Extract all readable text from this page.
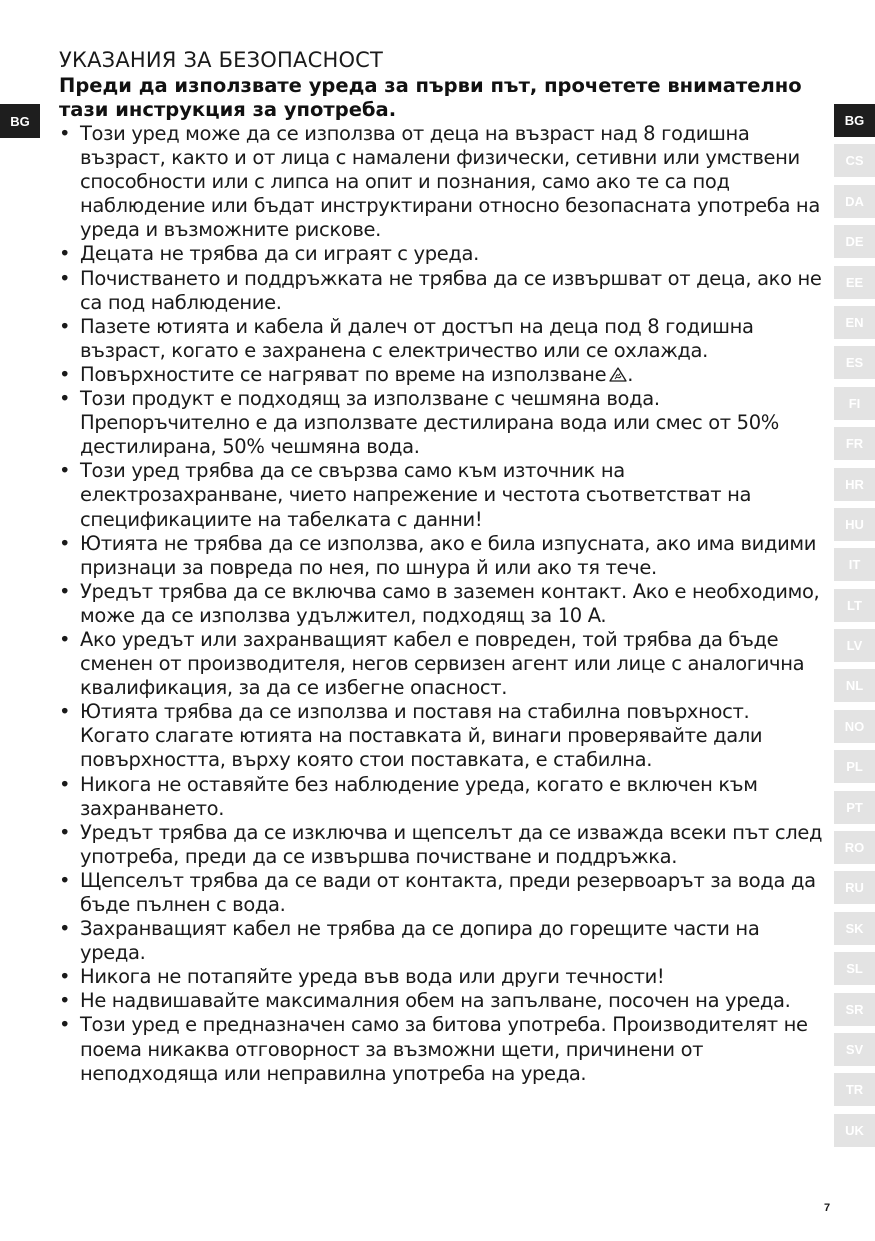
УКАЗАНИЯ ЗА БЕЗОПАСНОСТ
BG

Преди да използвате уреда за първи път, прочетете внимателно тази инструкция за употреба.

• Този уред може да се използва от деца на възраст над 8 годишна възраст, както и от лица с намалени физически, сетивни или умствени способности или с липса на опит и познания, само ако те са под наблюдение или бъдат инструктирани относно безопасната употреба на уреда и възможните рискове.
• Децата не трябва да си играят с уреда.
• Почистването и поддръжката не трябва да се извършват от деца, ако не са под наблюдение.
• Пазете ютията и кабела й далеч от достъп на деца под 8 годишна възраст, когато е захранена с електричество или се охлажда.
• Повърхностите се нагряват по време на използване .
• Този продукт е подходящ за използване с чешмяна вода. Препоръчително е да използвате дестилирана вода или смес от 50% дестилирана, 50% чешмяна вода.
• Този уред трябва да се свързва само към източник на електрозахранване, чието напрежение и честота съответстват на спецификациите на табелката с данни!
• Ютията не трябва да се използва, ако е била изпусната, ако има видими признаци за повреда по нея, по шнура й или ако тя тече.
• Уредът трябва да се включва само в заземен контакт. Ако е необходимо, може да се използва удължител, подходящ за 10 A.
• Ако уредът или захранващият кабел е повреден, той трябва да бъде сменен от производителя, негов сервизен агент или лице с аналогична квалификация, за да се избегне опасност.
• Ютията трябва да се използва и поставя на стабилна повърхност. Когато слагате ютията на поставката й, винаги проверявайте дали повърхността, върху която стои поставката, е стабилна.
• Никога не оставяйте без наблюдение уреда, когато е включен към захранването.
• Уредът трябва да се изключва и щепселът да се изважда всеки път след употреба, преди да се извършва почистване и поддръжка.
• Щепселът трябва да се вади от контакта, преди резервоарът за вода да бъде пълнен с вода.
• Захранващият кабел не трябва да се допира до горещите части на уреда.
• Никога не потапяйте уреда във вода или други течности!
• Не надвишавайте максималния обем на запълване, посочен на уреда.
• Този уред е предназначен само за битова употреба. Производителят не поема никаква отговорност за възможни щети, причинени от неподходяща или неправилна употреба на уреда.
BG
CS
DA
DE
EE
EN
ES
FI
FR
HR
HU
IT
LT
LV
NL
NO
PL
PT
RO
RU
SK
SL
SR
SV
TR
UK
7
